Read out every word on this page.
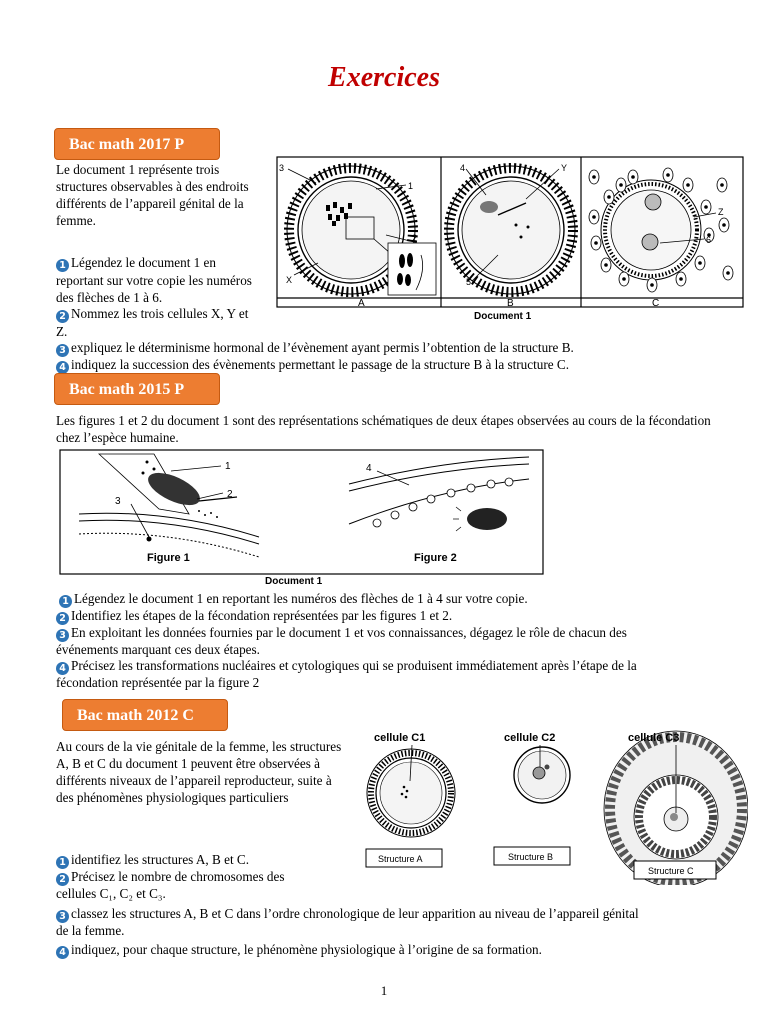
Exercices
Bac math 2017 P
Le document 1 représente trois structures observables à des endroits différents de l’appareil génital de la femme.
1 Légendez le document 1 en reportant sur votre copie les numéros des flèches de 1 à 6.
2 Nommez les trois cellules X, Y et Z.
3 expliquez le déterminisme hormonal de l’évènement ayant permis l’obtention de la structure B.
4 indiquez la succession des évènements permettant le passage de la structure B à la structure C.
3
1
2
X
4	Y
5
Z
6
A	B	C
Document 1
Bac math 2015 P
Les figures 1 et 2 du document 1 sont des représentations schématiques de deux étapes observées au cours de la fécondation chez l’espèce humaine.
1
2
3
4
Figure 1	Figure 2
Document 1
1 Légendez le document 1 en reportant les numéros des flèches de 1 à 4 sur votre copie.
2 Identifiez les étapes de la fécondation représentées par les figures 1 et 2.
3 En exploitant les données fournies par le document 1 et vos connaissances, dégagez le rôle de chacun des
événements marquant ces deux étapes.
4 Précisez les transformations nucléaires et cytologiques qui se produisent immédiatement après l’étape de la
fécondation représentée par la figure 2
Bac math 2012 C
Au cours de la vie génitale de la femme, les structures A, B et C du document 1 peuvent être observées à différents niveaux de l’appareil reproducteur, suite à des phénomènes physiologiques particuliers
cellule C1	cellule C2	cellule C3
Structure A	Structure B
Structure C
1 identifiez les structures A, B et C.
2 Précisez le nombre de chromosomes des
cellules C₁, C₂ et C₃.
3 classez les structures A, B et C dans l’ordre chronologique de leur apparition au niveau de l’appareil génital
de la femme.
4 indiquez, pour chaque structure, le phénomène physiologique à l’origine de sa formation.
1
